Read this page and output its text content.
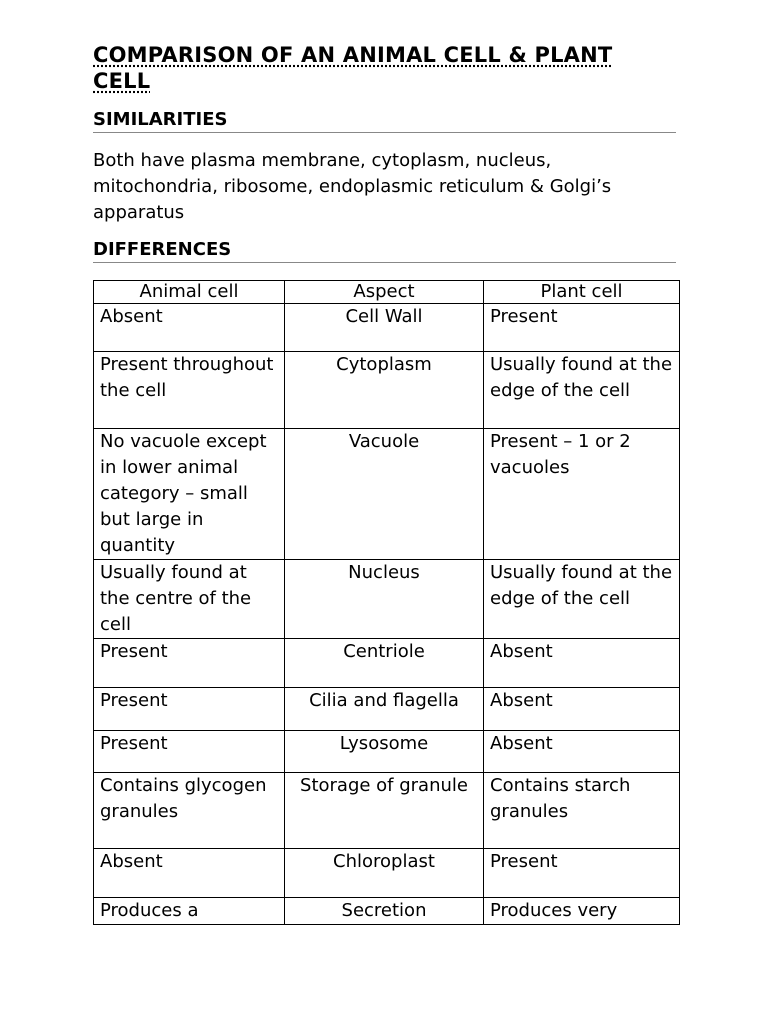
COMPARISON OF AN ANIMAL CELL & PLANT CELL
SIMILARITIES
Both have plasma membrane, cytoplasm, nucleus, mitochondria, ribosome, endoplasmic reticulum & Golgi’s apparatus
DIFFERENCES
Animal cell	Aspect	Plant cell
Absent	Cell Wall	Present
Present throughout the cell	Cytoplasm	Usually found at the edge of the cell
No vacuole except in lower animal category – small but large in quantity	Vacuole	Present – 1 or 2 vacuoles
Usually found at the centre of the cell	Nucleus	Usually found at the edge of the cell
Present	Centriole	Absent
Present	Cilia and flagella	Absent
Present	Lysosome	Absent
Contains glycogen granules	Storage of granule	Contains starch granules
Absent	Chloroplast	Present
Produces a	Secretion	Produces very
